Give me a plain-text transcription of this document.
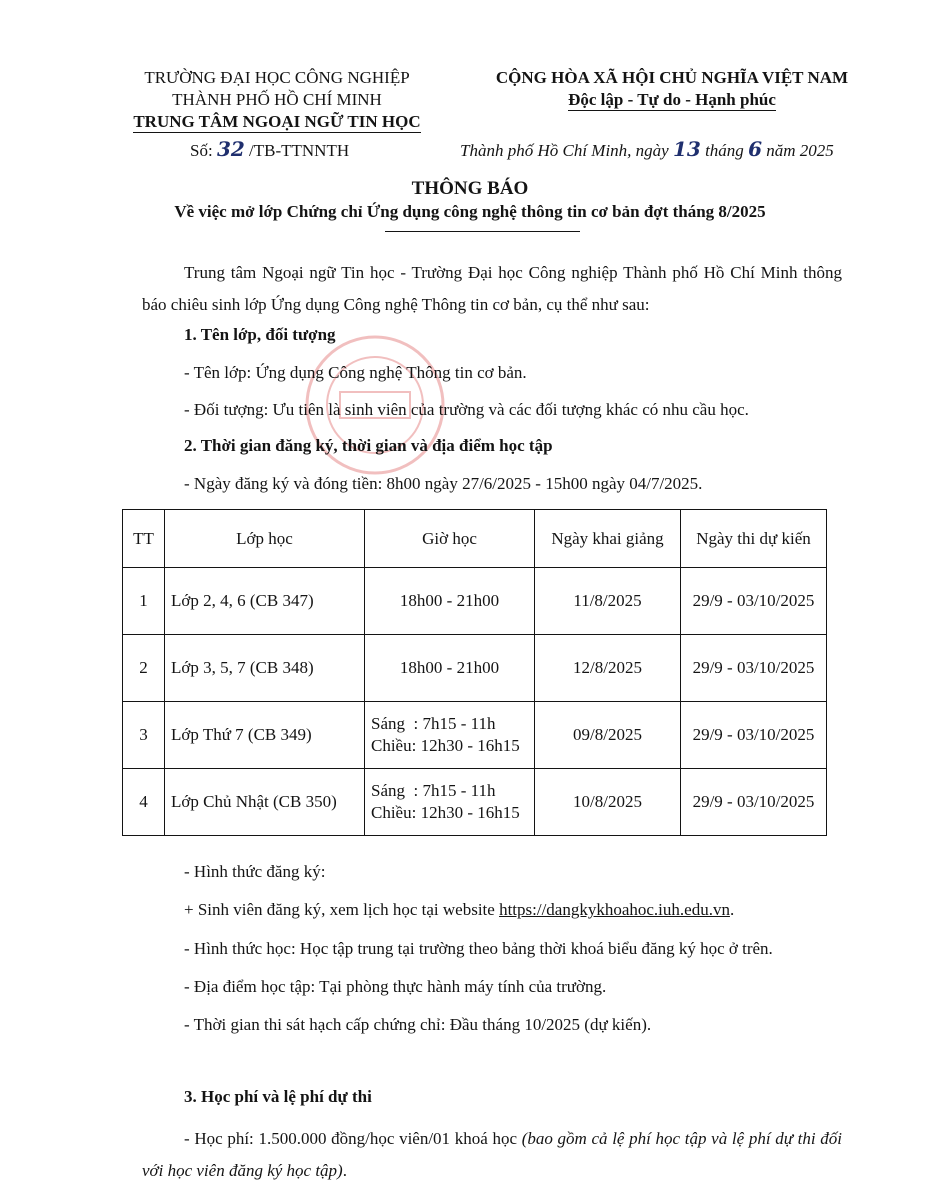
TRƯỜNG ĐẠI HỌC CÔNG NGHIỆP
THÀNH PHỐ HỒ CHÍ MINH
TRUNG TÂM NGOẠI NGỮ TIN HỌC
CỘNG HÒA XÃ HỘI CHỦ NGHĨA VIỆT NAM
Độc lập - Tự do - Hạnh phúc
Số: 32 /TB-TTNNTH	Thành phố Hồ Chí Minh, ngày 13 tháng 6 năm 2025
THÔNG BÁO
Về việc mở lớp Chứng chỉ Ứng dụng công nghệ thông tin cơ bản đợt tháng 8/2025
Trung tâm Ngoại ngữ Tin học - Trường Đại học Công nghiệp Thành phố Hồ Chí Minh thông báo chiêu sinh lớp Ứng dụng Công nghệ Thông tin cơ bản, cụ thể như sau:
1. Tên lớp, đối tượng
- Tên lớp: Ứng dụng Công nghệ Thông tin cơ bản.
- Đối tượng: Ưu tiên là sinh viên của trường và các đối tượng khác có nhu cầu học.
2. Thời gian đăng ký, thời gian và địa điểm học tập
- Ngày đăng ký và đóng tiền: 8h00 ngày 27/6/2025 - 15h00 ngày 04/7/2025.
TT	Lớp học	Giờ học	Ngày khai giảng	Ngày thi dự kiến
1	Lớp 2, 4, 6 (CB 347)	18h00 - 21h00	11/8/2025	29/9 - 03/10/2025
2	Lớp 3, 5, 7 (CB 348)	18h00 - 21h00	12/8/2025	29/9 - 03/10/2025
3	Lớp Thứ 7 (CB 349)	Sáng  : 7h15 - 11h
Chiều: 12h30 - 16h15	09/8/2025	29/9 - 03/10/2025
4	Lớp Chủ Nhật (CB 350)	Sáng  : 7h15 - 11h
Chiều: 12h30 - 16h15	10/8/2025	29/9 - 03/10/2025
- Hình thức đăng ký:
+ Sinh viên đăng ký, xem lịch học tại website https://dangkykhoahoc.iuh.edu.vn.
- Hình thức học: Học tập trung tại trường theo bảng thời khoá biểu đăng ký học ở trên.
- Địa điểm học tập: Tại phòng thực hành máy tính của trường.
- Thời gian thi sát hạch cấp chứng chỉ: Đầu tháng 10/2025 (dự kiến).
3. Học phí và lệ phí dự thi
- Học phí: 1.500.000 đồng/học viên/01 khoá học (bao gồm cả lệ phí học tập và lệ phí dự thi đối với học viên đăng ký học tập).
